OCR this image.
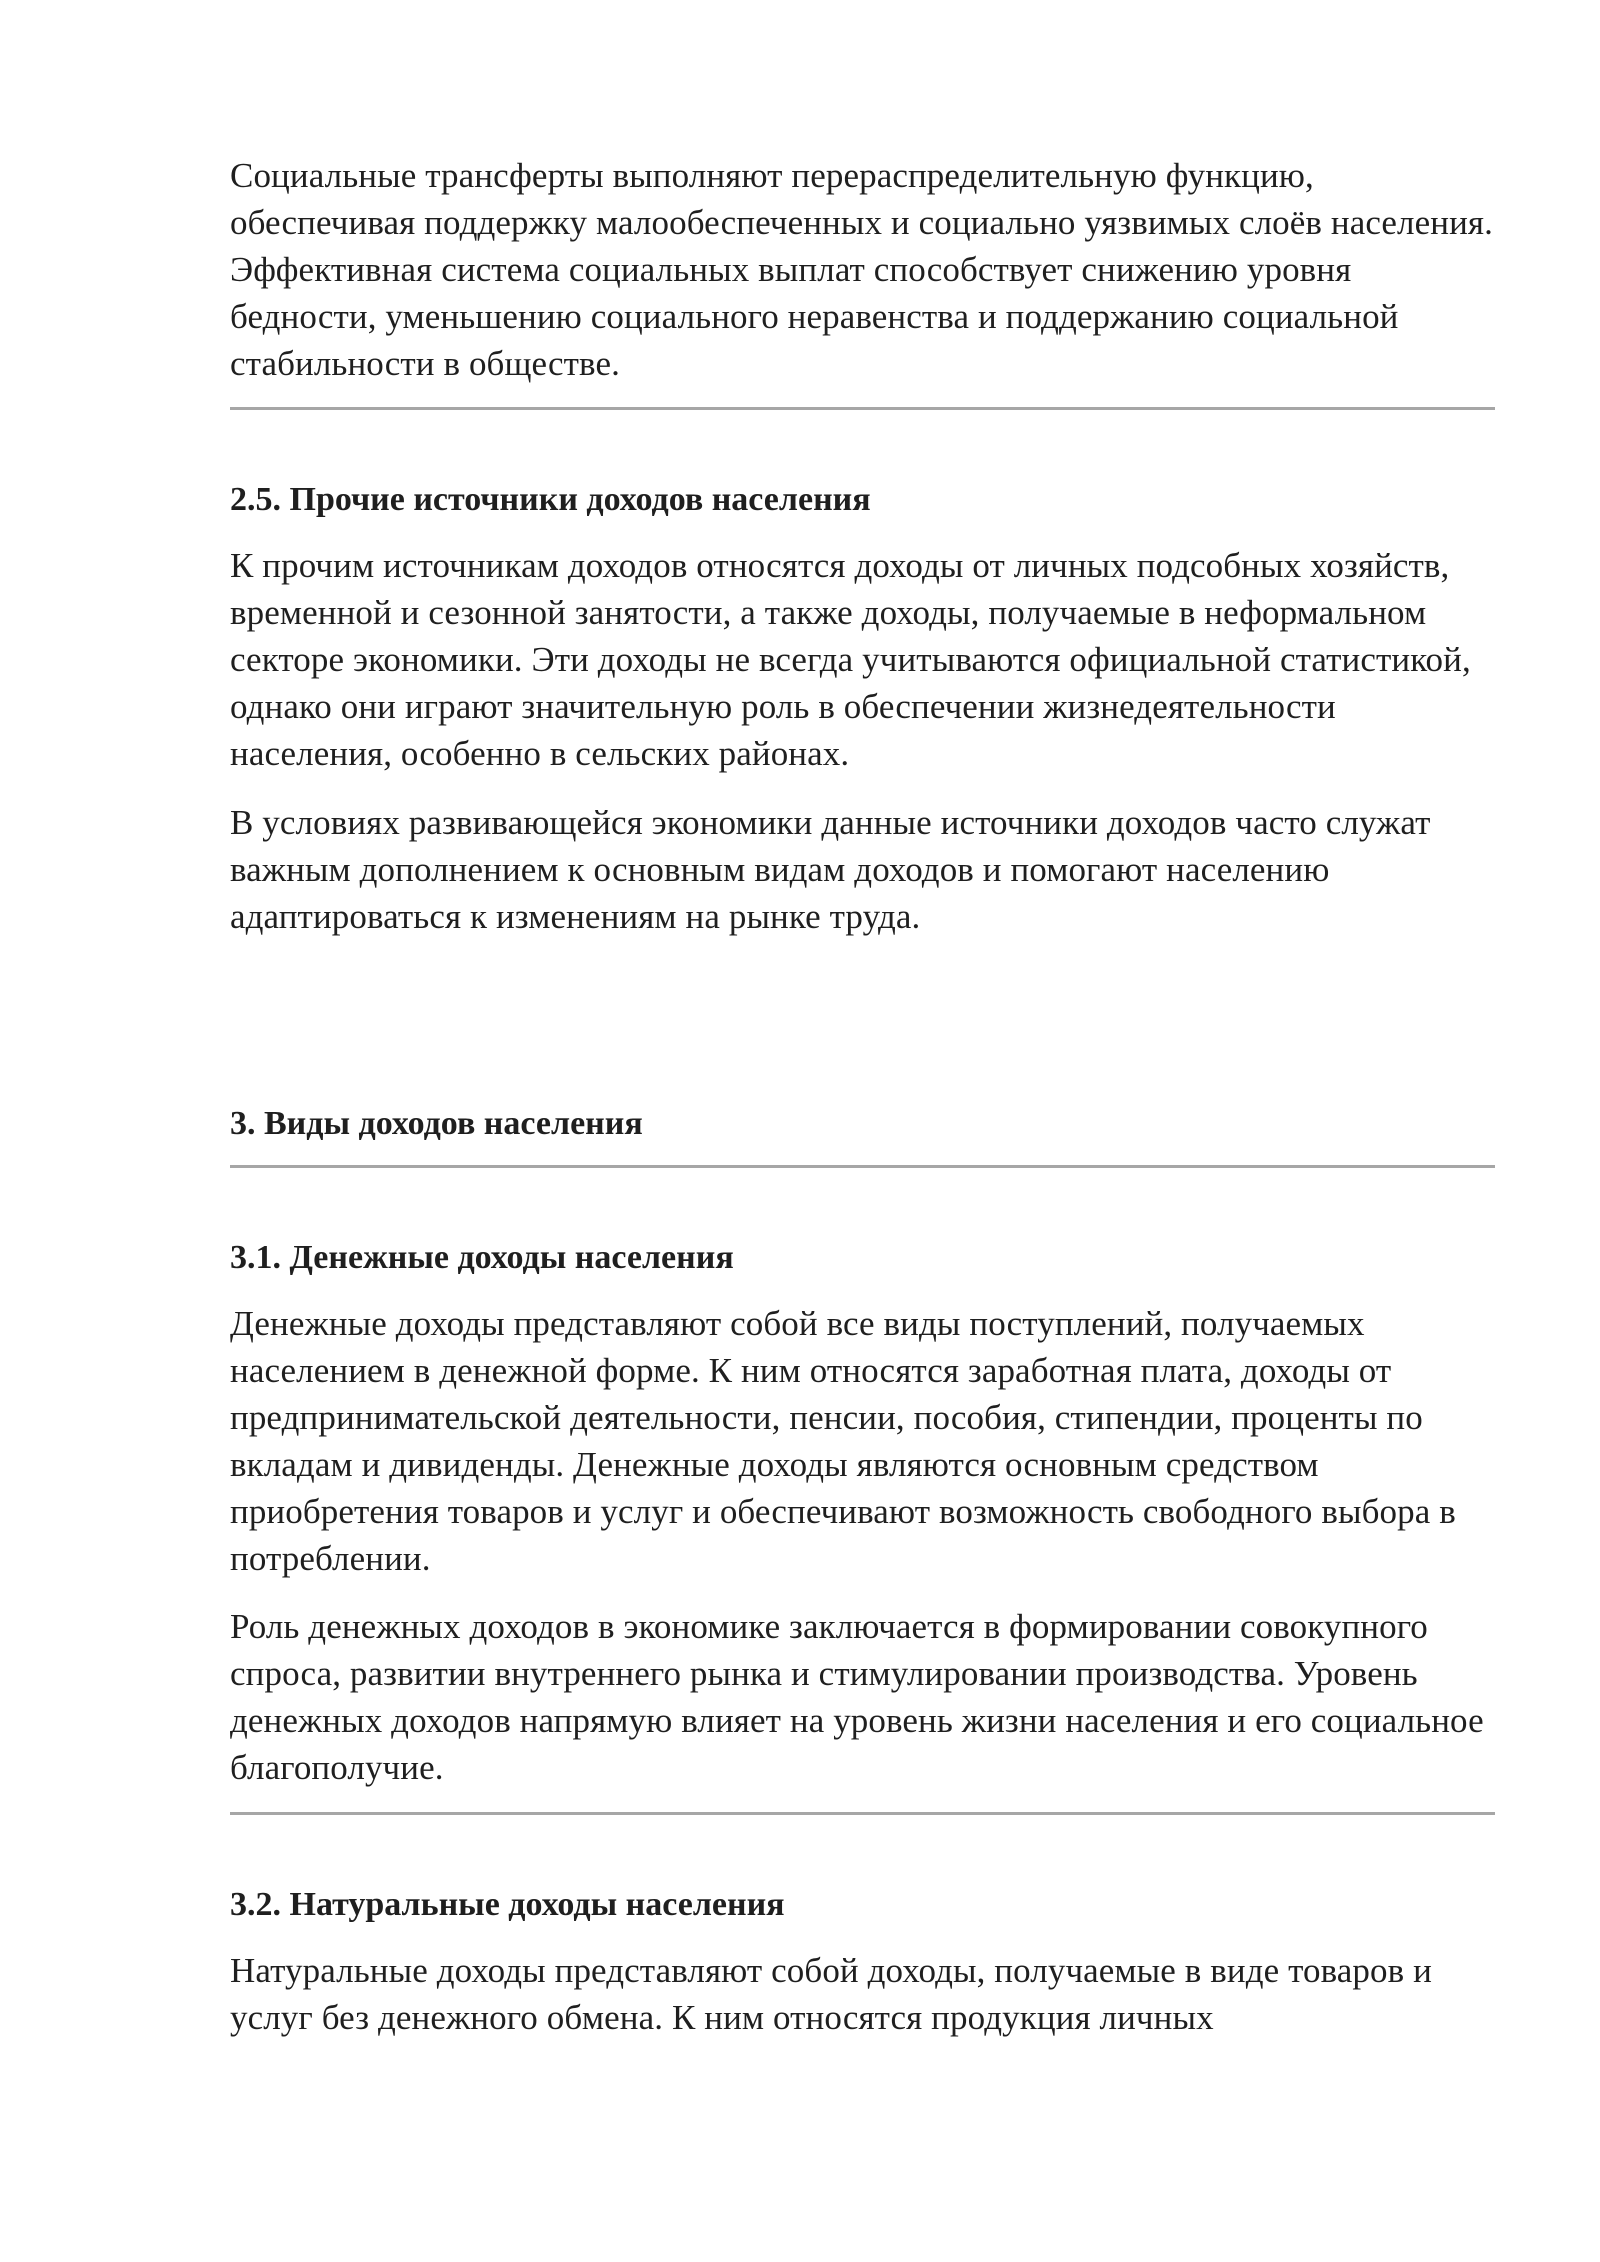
Социальные трансферты выполняют перераспределительную функцию, обеспечивая поддержку малообеспеченных и социально уязвимых слоёв населения. Эффективная система социальных выплат способствует снижению уровня бедности, уменьшению социального неравенства и поддержанию социальной стабильности в обществе.

2.5. Прочие источники доходов населения

К прочим источникам доходов относятся доходы от личных подсобных хозяйств, временной и сезонной занятости, а также доходы, получаемые в неформальном секторе экономики. Эти доходы не всегда учитываются официальной статистикой, однако они играют значительную роль в обеспечении жизнедеятельности населения, особенно в сельских районах.

В условиях развивающейся экономики данные источники доходов часто служат важным дополнением к основным видам доходов и помогают населению адаптироваться к изменениям на рынке труда.

3. Виды доходов населения
3.1. Денежные доходы населения

Денежные доходы представляют собой все виды поступлений, получаемых населением в денежной форме. К ним относятся заработная плата, доходы от предпринимательской деятельности, пенсии, пособия, стипендии, проценты по вкладам и дивиденды. Денежные доходы являются основным средством приобретения товаров и услуг и обеспечивают возможность свободного выбора в потреблении.

Роль денежных доходов в экономике заключается в формировании совокупного спроса, развитии внутреннего рынка и стимулировании производства. Уровень денежных доходов напрямую влияет на уровень жизни населения и его социальное благополучие.

3.2. Натуральные доходы населения

Натуральные доходы представляют собой доходы, получаемые в виде товаров и услуг без денежного обмена. К ним относятся продукция личных
